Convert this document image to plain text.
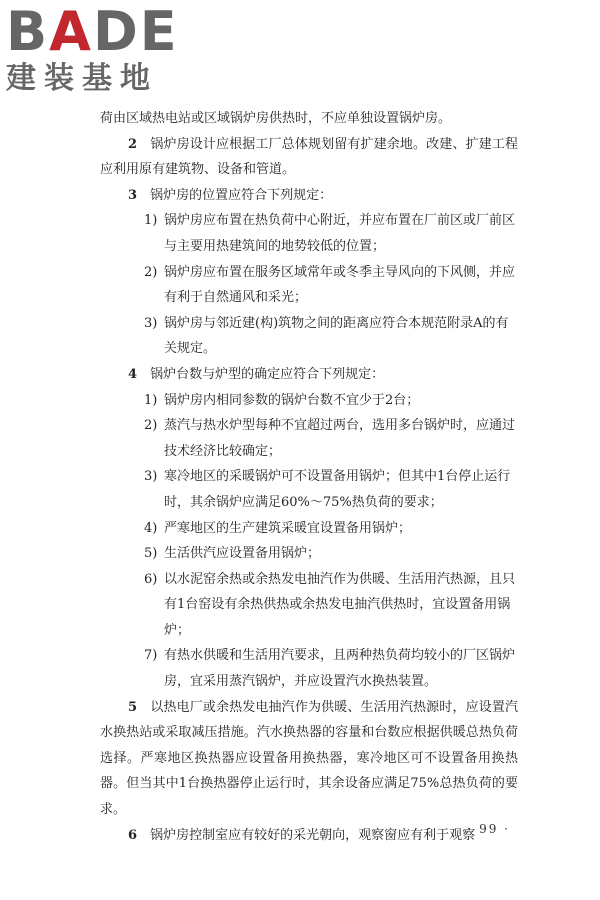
BADE
建装基地

荷由区域热电站或区域锅炉房供热时，不应单独设置锅炉房。

2　 锅炉房设计应根据工厂总体规划留有扩建余地。改建、扩建工程应利用原有建筑物、设备和管道。

3　 锅炉房的位置应符合下列规定：

1) 锅炉房应布置在热负荷中心附近，并应布置在厂前区或厂前区与主要用热建筑间的地势较低的位置；
2) 锅炉房应布置在服务区域常年或冬季主导风向的下风侧，并应有利于自然通风和采光；
3) 锅炉房与邻近建(构)筑物之间的距离应符合本规范附录A的有关规定。

4　 锅炉台数与炉型的确定应符合下列规定：

1) 锅炉房内相同参数的锅炉台数不宜少于2台；
2) 蒸汽与热水炉型每种不宜超过两台，选用多台锅炉时，应通过技术经济比较确定；
3) 寒冷地区的采暖锅炉可不设置备用锅炉；但其中1台停止运行时，其余锅炉应满足60%～75%热负荷的要求；
4) 严寒地区的生产建筑采暖宜设置备用锅炉；
5) 生活供汽应设置备用锅炉；
6) 以水泥窑余热或余热发电抽汽作为供暖、生活用汽热源，且只有1台窑设有余热供热或余热发电抽汽供热时，宜设置备用锅炉；
7) 有热水供暖和生活用汽要求，且两种热负荷均较小的厂区锅炉房，宜采用蒸汽锅炉，并应设置汽水换热装置。

5　 以热电厂或余热发电抽汽作为供暖、生活用汽热源时，应设置汽水换热站或采取减压措施。汽水换热器的容量和台数应根据供暖总热负荷选择。严寒地区换热器应设置备用换热器，寒冷地区可不设置备用换热器。但当其中1台换热器停止运行时，其余设备应满足75%总热负荷的要求。

6　 锅炉房控制室应有较好的采光朝向，观察窗应有利于观察

· 99 ·
